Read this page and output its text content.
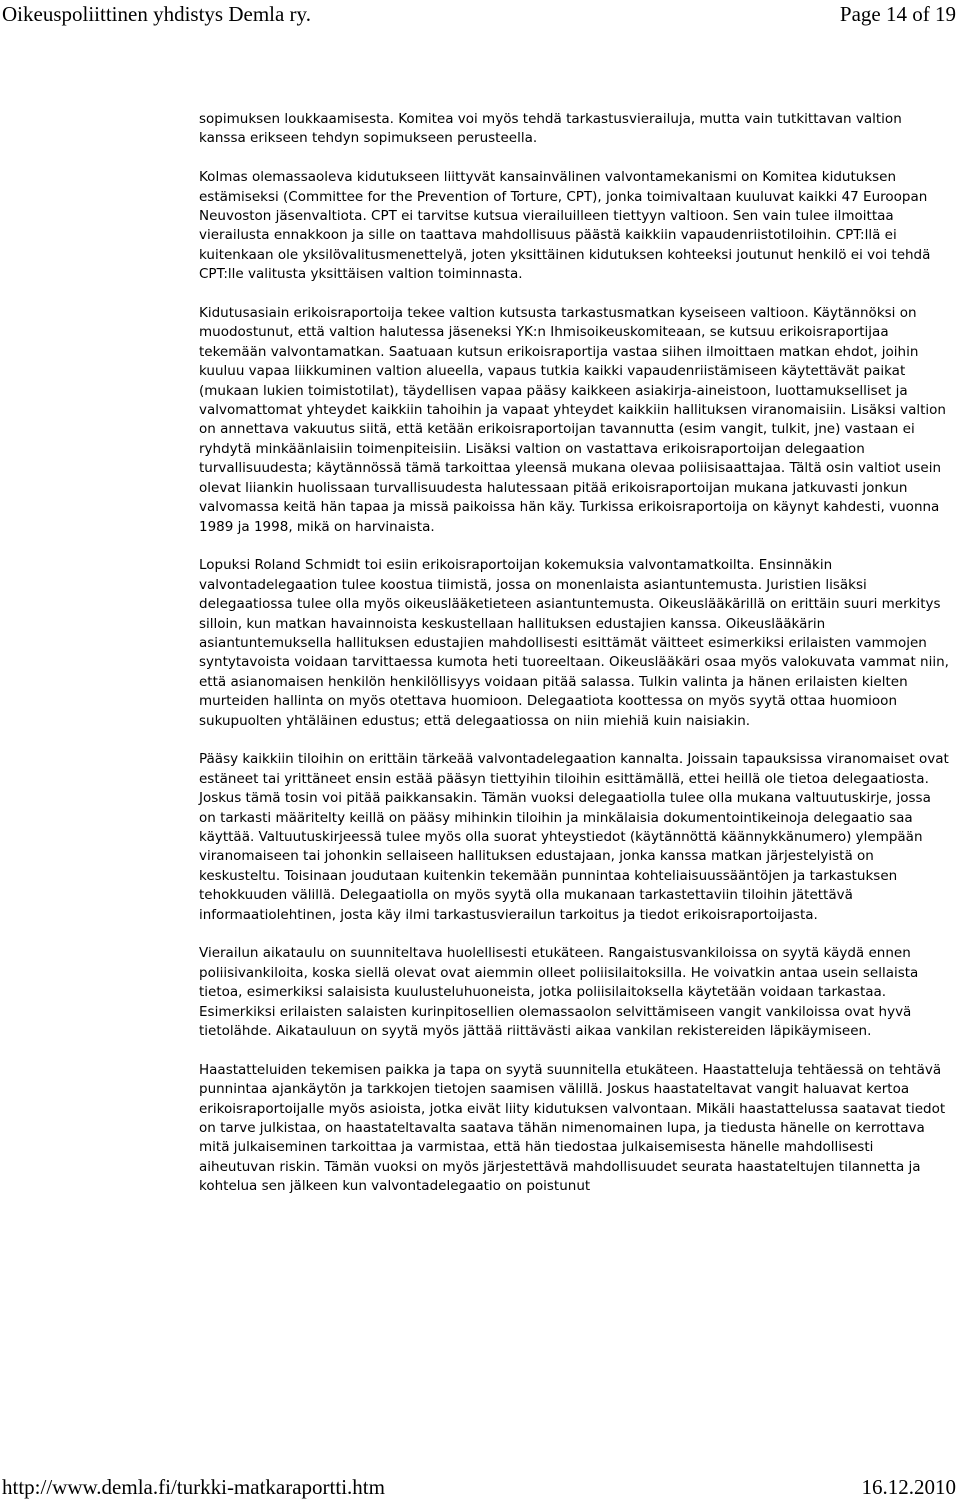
Oikeuspoliittinen yhdistys Demla ry.	Page 14 of 19

sopimuksen loukkaamisesta. Komitea voi myös tehdä tarkastusvierailuja, mutta vain tutkittavan valtion kanssa erikseen tehdyn sopimukseen perusteella.

Kolmas olemassaoleva kidutukseen liittyvät kansainvälinen valvontamekanismi on Komitea kidutuksen estämiseksi (Committee for the Prevention of Torture, CPT), jonka toimivaltaan kuuluvat kaikki 47 Euroopan Neuvoston jäsenvaltiota. CPT ei tarvitse kutsua vierailuilleen tiettyyn valtioon. Sen vain tulee ilmoittaa vierailusta ennakkoon ja sille on taattava mahdollisuus päästä kaikkiin vapaudenriistotiloihin. CPT:llä ei kuitenkaan ole yksilövalitusmenettelyä, joten yksittäinen kidutuksen kohteeksi joutunut henkilö ei voi tehdä CPT:lle valitusta yksittäisen valtion toiminnasta.

Kidutusasiain erikoisraportoija tekee valtion kutsusta tarkastusmatkan kyseiseen valtioon. Käytännöksi on muodostunut, että valtion halutessa jäseneksi YK:n Ihmisoikeuskomiteaan, se kutsuu erikoisraportijaa tekemään valvontamatkan. Saatuaan kutsun erikoisraportija vastaa siihen ilmoittaen matkan ehdot, joihin kuuluu vapaa liikkuminen valtion alueella, vapaus tutkia kaikki vapaudenriistämiseen käytettävät paikat (mukaan lukien toimistotilat), täydellisen vapaa pääsy kaikkeen asiakirja-aineistoon, luottamukselliset ja valvomattomat yhteydet kaikkiin tahoihin ja vapaat yhteydet kaikkiin hallituksen viranomaisiin. Lisäksi valtion on annettava vakuutus siitä, että ketään erikoisraportoijan tavannutta (esim vangit, tulkit, jne) vastaan ei ryhdytä minkäänlaisiin toimenpiteisiin. Lisäksi valtion on vastattava erikoisraportoijan delegaation turvallisuudesta; käytännössä tämä tarkoittaa yleensä mukana olevaa poliisisaattajaa. Tältä osin valtiot usein olevat liiankin huolissaan turvallisuudesta halutessaan pitää erikoisraportoijan mukana jatkuvasti jonkun valvomassa keitä hän tapaa ja missä paikoissa hän käy. Turkissa erikoisraportoija on käynyt kahdesti, vuonna 1989 ja 1998, mikä on harvinaista.

Lopuksi Roland Schmidt toi esiin erikoisraportoijan kokemuksia valvontamatkoilta. Ensinnäkin valvontadelegaation tulee koostua tiimistä, jossa on monenlaista asiantuntemusta. Juristien lisäksi delegaatiossa tulee olla myös oikeuslääketieteen asiantuntemusta. Oikeuslääkärillä on erittäin suuri merkitys silloin, kun matkan havainnoista keskustellaan hallituksen edustajien kanssa. Oikeuslääkärin asiantuntemuksella hallituksen edustajien mahdollisesti esittämät väitteet esimerkiksi erilaisten vammojen syntytavoista voidaan tarvittaessa kumota heti tuoreeltaan. Oikeuslääkäri osaa myös valokuvata vammat niin, että asianomaisen henkilön henkilöllisyys voidaan pitää salassa. Tulkin valinta ja hänen erilaisten kielten murteiden hallinta on myös otettava huomioon. Delegaatiota koottessa on myös syytä ottaa huomioon sukupuolten yhtäläinen edustus; että delegaatiossa on niin miehiä kuin naisiakin.

Pääsy kaikkiin tiloihin on erittäin tärkeää valvontadelegaation kannalta. Joissain tapauksissa viranomaiset ovat estäneet tai yrittäneet ensin estää pääsyn tiettyihin tiloihin esittämällä, ettei heillä ole tietoa delegaatiosta. Joskus tämä tosin voi pitää paikkansakin. Tämän vuoksi delegaatiolla tulee olla mukana valtuutuskirje, jossa on tarkasti määritelty keillä on pääsy mihinkin tiloihin ja minkälaisia dokumentointikeinoja delegaatio saa käyttää. Valtuutuskirjeessä tulee myös olla suorat yhteystiedot (käytännöttä käännykkänumero) ylempään viranomaiseen tai johonkin sellaiseen hallituksen edustajaan, jonka kanssa matkan järjestelyistä on keskusteltu. Toisinaan joudutaan kuitenkin tekemään punnintaa kohteliaisuussääntöjen ja tarkastuksen tehokkuuden välillä. Delegaatiolla on myös syytä olla mukanaan tarkastettaviin tiloihin jätettävä informaatiolehtinen, josta käy ilmi tarkastusvierailun tarkoitus ja tiedot erikoisraportoijasta.

Vierailun aikataulu on suunniteltava huolellisesti etukäteen. Rangaistusvankiloissa on syytä käydä ennen poliisivankiloita, koska siellä olevat ovat aiemmin olleet poliisilaitoksilla. He voivatkin antaa usein sellaista tietoa, esimerkiksi salaisista kuulusteluhuoneista, jotka poliisilaitoksella käytetään voidaan tarkastaa. Esimerkiksi erilaisten salaisten kurinpitosellien olemassaolon selvittämiseen vangit vankiloissa ovat hyvä tietolähde. Aikatauluun on syytä myös jättää riittävästi aikaa vankilan rekistereiden läpikäymiseen.

Haastatteluiden tekemisen paikka ja tapa on syytä suunnitella etukäteen. Haastatteluja tehtäessä on tehtävä punnintaa ajankäytön ja tarkkojen tietojen saamisen välillä. Joskus haastateltavat vangit haluavat kertoa erikoisraportoijalle myös asioista, jotka eivät liity kidutuksen valvontaan. Mikäli haastattelussa saatavat tiedot on tarve julkistaa, on haastateltavalta saatava tähän nimenomainen lupa, ja tiedusta hänelle on kerrottava mitä julkaiseminen tarkoittaa ja varmistaa, että hän tiedostaa julkaisemisesta hänelle mahdollisesti aiheutuvan riskin. Tämän vuoksi on myös järjestettävä mahdollisuudet seurata haastateltujen tilannetta ja kohtelua sen jälkeen kun valvontadelegaatio on poistunut

http://www.demla.fi/turkki-matkaraportti.htm	16.12.2010
